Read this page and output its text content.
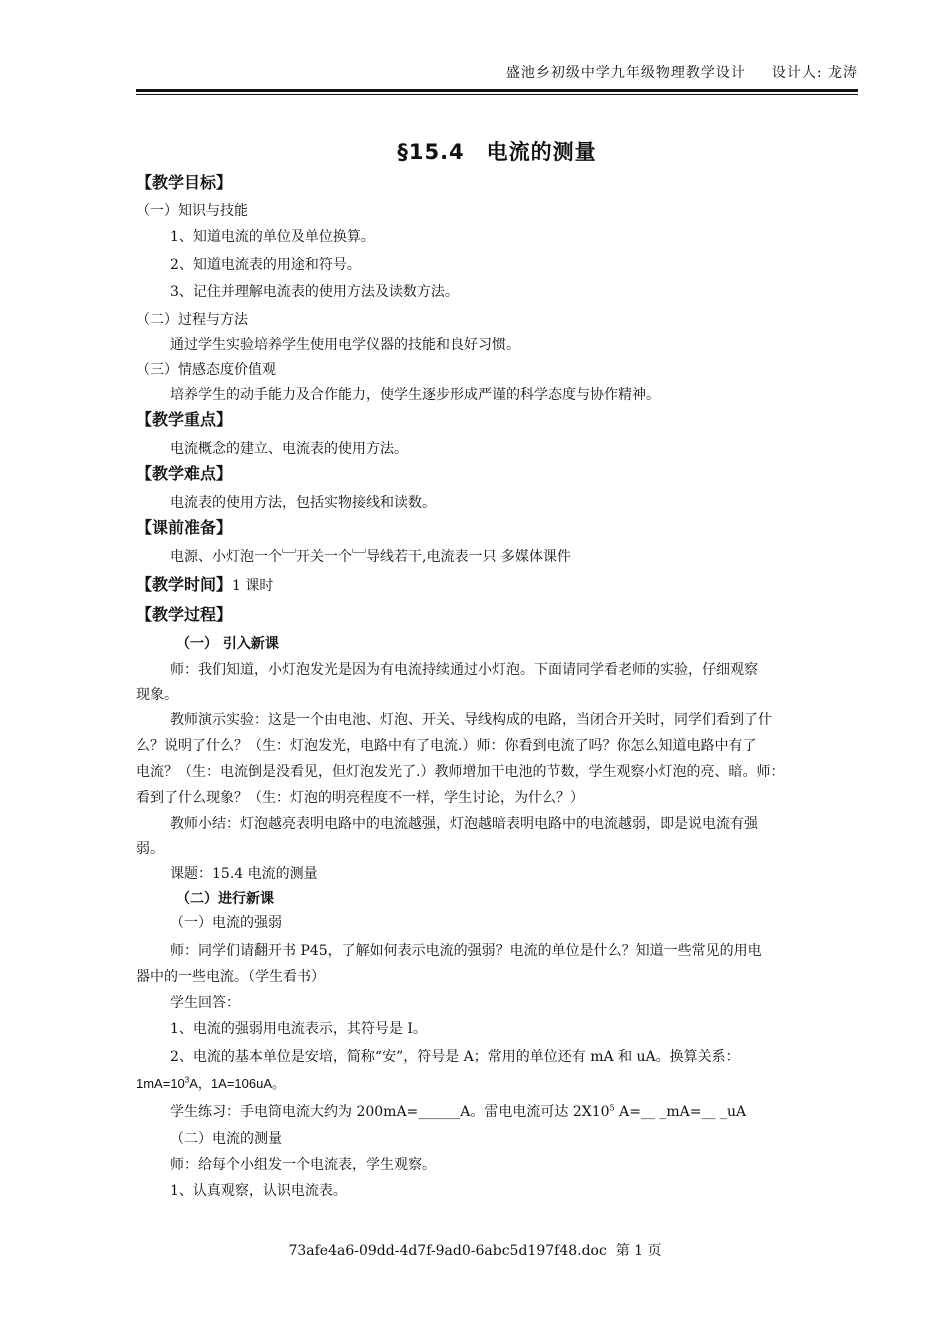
盛池乡初级中学九年级物理教学设计 设计人: 龙涛
§15.4　电流的测量
【教学目标】
（一）知识与技能
1、知道电流的单位及单位换算。
2、知道电流表的用途和符号。
3、记住并理解电流表的使用方法及读数方法。
（二）过程与方法
通过学生实验培养学生使用电学仪器的技能和良好习惯。
（三）情感态度价值观
培养学生的动手能力及合作能力，使学生逐步形成严谨的科学态度与协作精神。
【教学重点】
电流概念的建立、电流表的使用方法。
【教学难点】
电流表的使用方法，包括实物接线和读数。
【课前准备】
电源、小灯泡一个﹈开关一个﹈导线若干,电流表一只 多媒体课件
【教学时间】1 课时
【教学过程】
（一） 引入新课
师：我们知道，小灯泡发光是因为有电流持续通过小灯泡。下面请同学看老师的实验，仔细观察
现象。
教师演示实验：这是一个由电池、灯泡、开关、导线构成的电路，当闭合开关时，同学们看到了什
么？说明了什么？（生：灯泡发光，电路中有了电流.）师：你看到电流了吗？你怎么知道电路中有了
电流？（生：电流倒是没看见，但灯泡发光了.）教师增加干电池的节数，学生观察小灯泡的亮、暗。师：
看到了什么现象？（生：灯泡的明亮程度不一样，学生讨论，为什么？）
教师小结：灯泡越亮表明电路中的电流越强，灯泡越暗表明电路中的电流越弱，即是说电流有强
弱。
课题：15.4 电流的测量
（二）进行新课
（一）电流的强弱
师：同学们请翻开书 P45，了解如何表示电流的强弱？电流的单位是什么？知道一些常见的用电
器中的一些电流。（学生看书）
学生回答：
1、电流的强弱用电流表示，其符号是 I。
2、电流的基本单位是安培，简称“安”，符号是 A；常用的单位还有 mA 和 uA。换算关系：
$1mA=10^3A$，1A=106uA。
学生练习：手电筒电流大约为 200mA=______A。雷电电流可达 $2X10^5$ A=__ _mA=__ _uA
（二）电流的测量
师：给每个小组发一个电流表，学生观察。
1、认真观察，认识电流表。
73afe4a6-09dd-4d7f-9ad0-6abc5d197f48.doc 第 1 页
